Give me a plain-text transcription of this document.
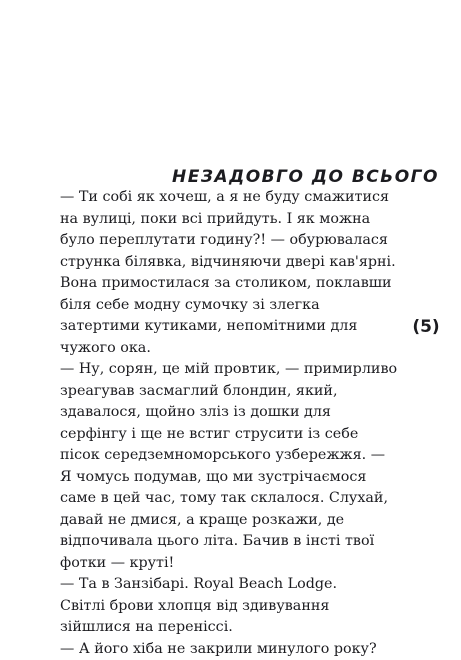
НЕЗАДОВГО ДО ВСЬОГО

— Ти собі як хочеш, а я не буду смажитися на вулиці, поки всі прийдуть. І як можна було переплутати годину?! — обурювалася струнка білявка, відчиняючи двері кав'ярні.

Вона примостилася за столиком, поклавши біля себе модну сумочку зі злегка затертими кутиками, непомітними для чужого ока.

— Ну, сорян, це мій провтик, — примирливо зреагував засмаглий блондин, який, здавалося, щойно зліз із дошки для серфінгу і ще не встиг струсити із себе пісок середземноморського узбережжя. — Я чомусь подумав, що ми зустрічаємося саме в цей час, тому так склалося. Слухай, давай не дмися, а краще розкажи, де відпочивала цього літа. Бачив в інсті твої фотки — круті!

— Та в Занзібарі. Royal Beach Lodge.

Світлі брови хлопця від здивування зійшлися на переніссі.

— А його хіба не закрили минулого року?

(5)
